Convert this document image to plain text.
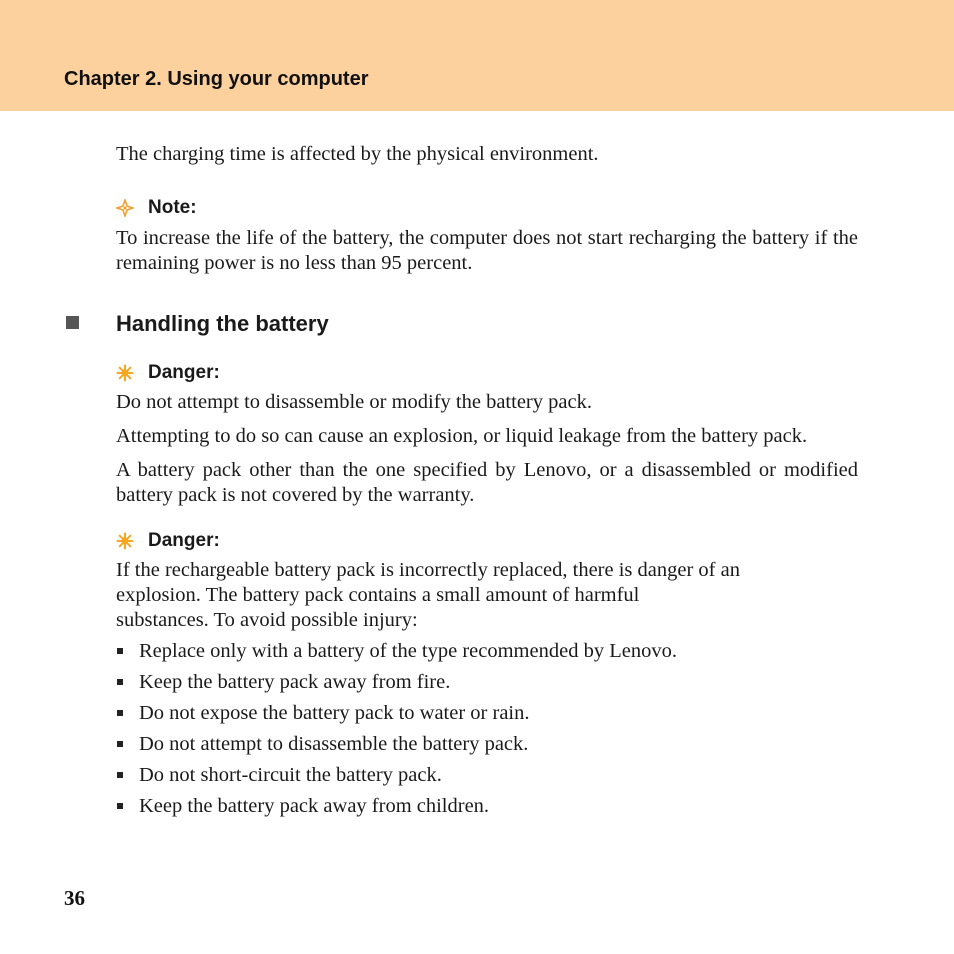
Chapter 2. Using your computer

The charging time is affected by the physical environment.

Note:

To increase the life of the battery, the computer does not start recharging the battery if the remaining power is no less than 95 percent.

Handling the battery
Danger:

Do not attempt to disassemble or modify the battery pack.

Attempting to do so can cause an explosion, or liquid leakage from the battery pack.

A battery pack other than the one specified by Lenovo, or a disassembled or modified battery pack is not covered by the warranty.

Danger:
If the rechargeable battery pack is incorrectly replaced, there is danger of an
explosion. The battery pack contains a small amount of harmful
substances. To avoid possible injury:
Replace only with a battery of the type recommended by Lenovo.
Keep the battery pack away from fire.
Do not expose the battery pack to water or rain.
Do not attempt to disassemble the battery pack.
Do not short-circuit the battery pack.
Keep the battery pack away from children.
36
